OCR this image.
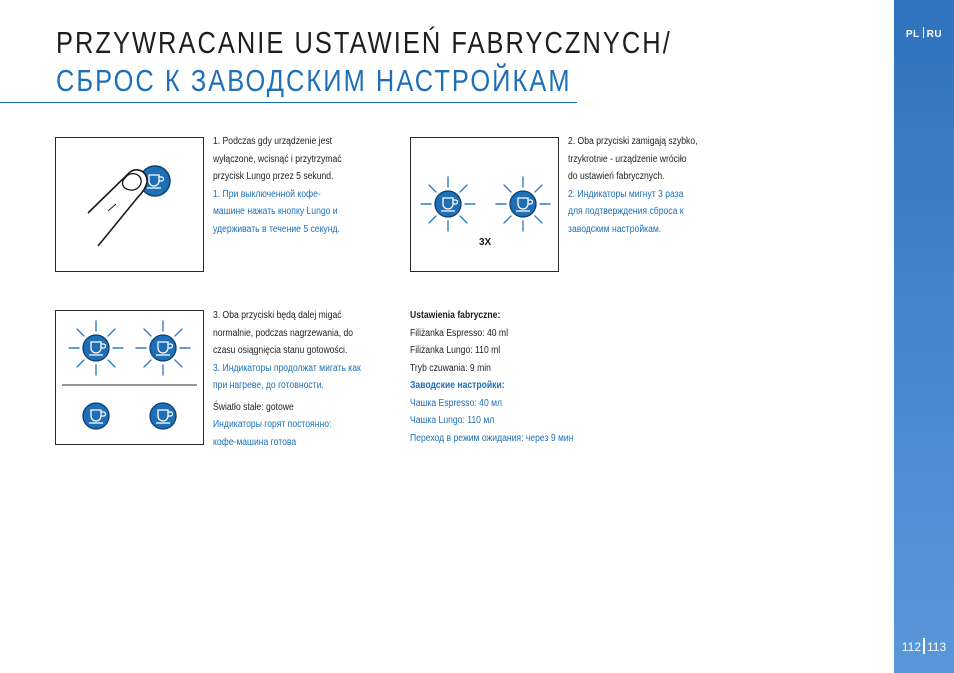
PRZYWRACANIE USTAWIEŃ FABRYCZNYCH/
СБРОС К ЗАВОДСКИМ НАСТРОЙКАМ
PL RU
112 113
1. Podczas gdy urządzenie jest
wyłączone, wcisnąć i przytrzymać
przycisk Lungo przez 5 sekund.
1. При выключенной кофе-
машине нажать кнопку Lungo и
удерживать в течение 5 секунд.
3X
2. Oba przyciski zamigają szybko,
trzykrotnie - urządzenie wróciło
do ustawień fabrycznych.
2. Индикаторы мигнут 3 раза
для подтверждения сброса к
заводским настройкам.
3. Oba przyciski będą dalej migać
normalnie, podczas nagrzewania, do
czasu osiągnięcia stanu gotowości.
3. Индикаторы продолжат мигать как
при нагреве, до готовности.
Światło stałe: gotowe
Индикаторы горят постоянно:
кофе-машина готова
Ustawienia fabryczne:
Filiżanka Espresso: 40 ml
Filiżanka Lungo: 110 ml
Tryb czuwania: 9 min
Заводские настройки:
Чашка Espresso: 40 мл
Чашка Lungo: 110 мл
Переход в режим ожидания: через 9 мин
